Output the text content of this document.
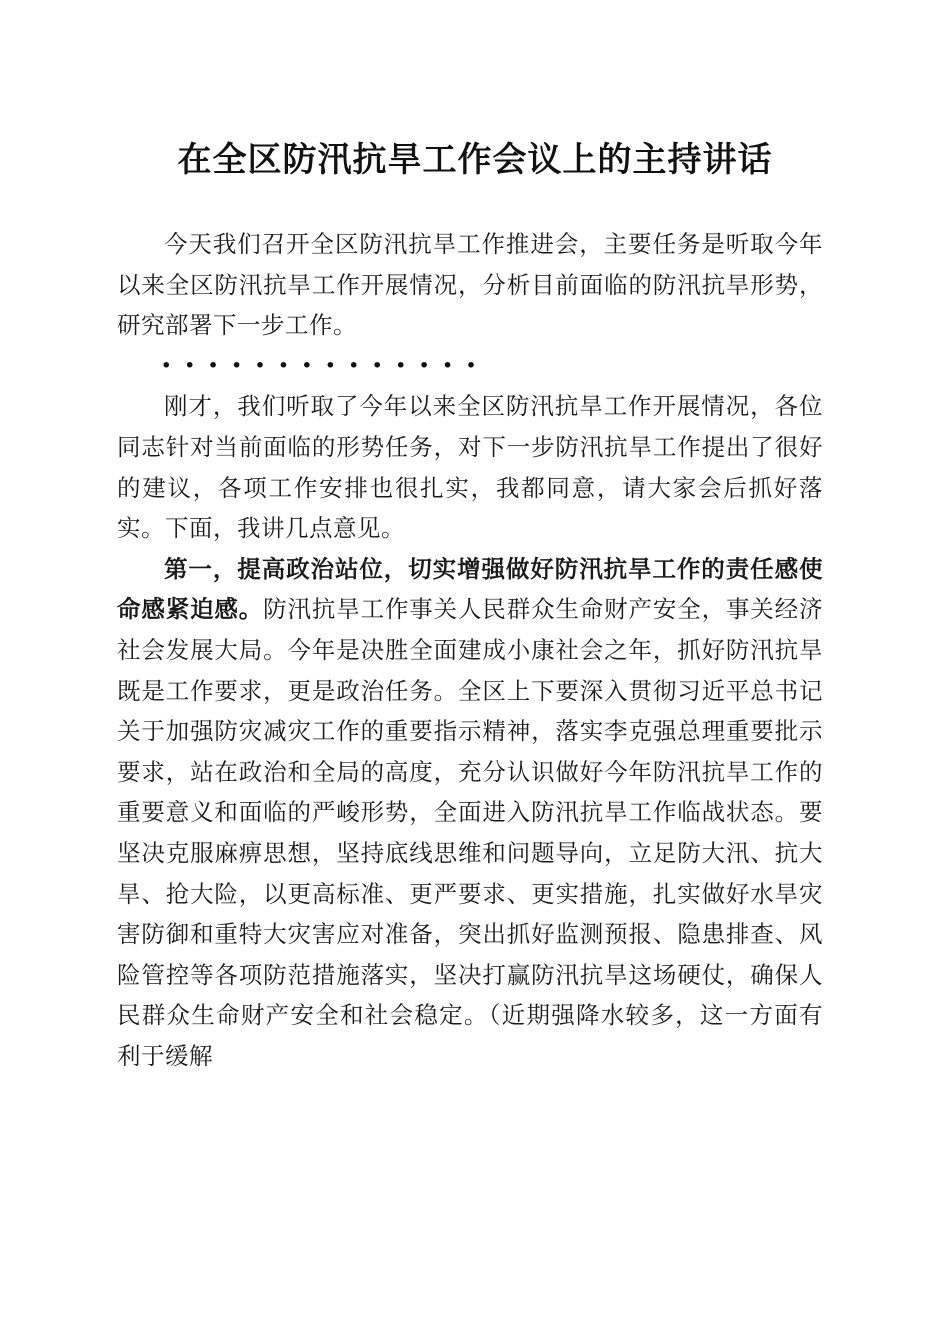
在全区防汛抗旱工作会议上的主持讲话

今天我们召开全区防汛抗旱工作推进会，主要任务是听取今年以来全区防汛抗旱工作开展情况，分析目前面临的防汛抗旱形势，研究部署下一步工作。

··············

刚才，我们听取了今年以来全区防汛抗旱工作开展情况，各位同志针对当前面临的形势任务，对下一步防汛抗旱工作提出了很好的建议，各项工作安排也很扎实，我都同意，请大家会后抓好落实。下面，我讲几点意见。

第一，提高政治站位，切实增强做好防汛抗旱工作的责任感使命感紧迫感。防汛抗旱工作事关人民群众生命财产安全，事关经济社会发展大局。今年是决胜全面建成小康社会之年，抓好防汛抗旱既是工作要求，更是政治任务。全区上下要深入贯彻习近平总书记关于加强防灾减灾工作的重要指示精神，落实李克强总理重要批示要求，站在政治和全局的高度，充分认识做好今年防汛抗旱工作的重要意义和面临的严峻形势，全面进入防汛抗旱工作临战状态。要坚决克服麻痹思想，坚持底线思维和问题导向，立足防大汛、抗大旱、抢大险，以更高标准、更严要求、更实措施，扎实做好水旱灾害防御和重特大灾害应对准备，突出抓好监测预报、隐患排查、风险管控等各项防范措施落实，坚决打赢防汛抗旱这场硬仗，确保人民群众生命财产安全和社会稳定。（近期强降水较多，这一方面有利于缓解
